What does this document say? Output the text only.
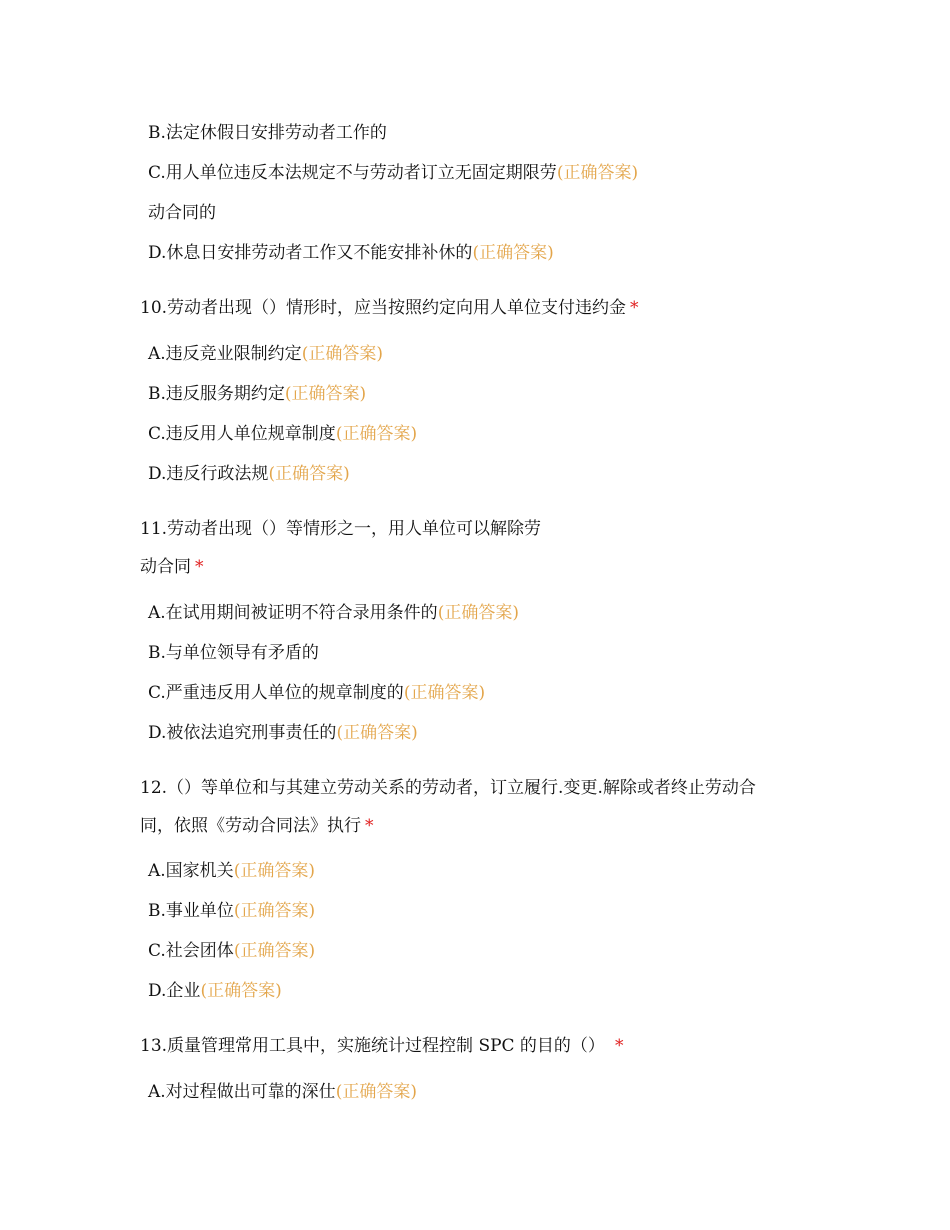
B.法定休假日安排劳动者工作的
C.用人单位违反本法规定不与劳动者订立无固定期限劳(正确答案)
动合同的
D.休息日安排劳动者工作又不能安排补休的(正确答案)
10.劳动者出现（）情形时，应当按照约定向用人单位支付违约金 *
A.违反竞业限制约定(正确答案)
B.违反服务期约定(正确答案)
C.违反用人单位规章制度(正确答案)
D.违反行政法规(正确答案)
11.劳动者出现（）等情形之一，用人单位可以解除劳
动合同 *
A.在试用期间被证明不符合录用条件的(正确答案)
B.与单位领导有矛盾的
C.严重违反用人单位的规章制度的(正确答案)
D.被依法追究刑事责任的(正确答案)
12.（）等单位和与其建立劳动关系的劳动者，订立履行.变更.解除或者终止劳动合
同，依照《劳动合同法》执行 *
A.国家机关(正确答案)
B.事业单位(正确答案)
C.社会团体(正确答案)
D.企业(正确答案)
13.质量管理常用工具中，实施统计过程控制 SPC 的目的（） *
A.对过程做出可靠的深仕(正确答案)
